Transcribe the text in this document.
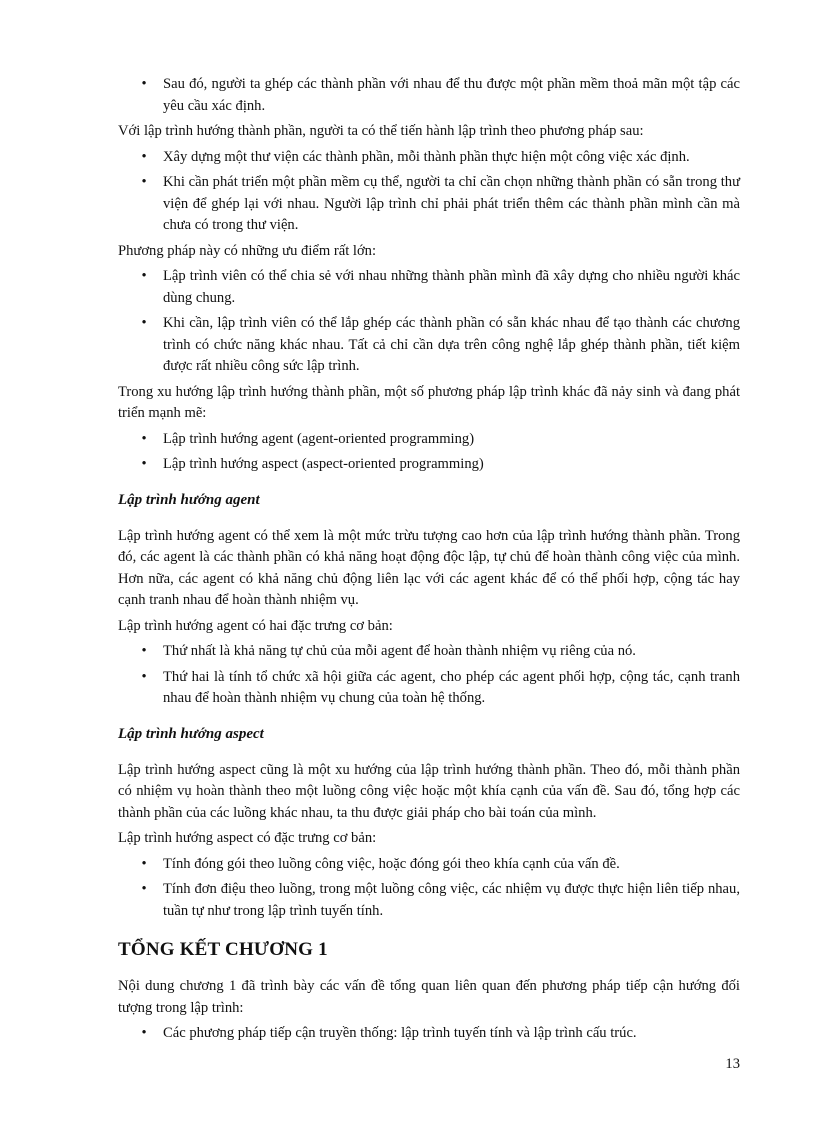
• Sau đó, người ta ghép các thành phần với nhau để thu được một phần mềm thoả mãn một tập các yêu cầu xác định.

Với lập trình hướng thành phần, người ta có thể tiến hành lập trình theo phương pháp sau:

• Xây dựng một thư viện các thành phần, mỗi thành phần thực hiện một công việc xác định.
• Khi cần phát triển một phần mềm cụ thể, người ta chỉ cần chọn những thành phần có sẵn trong thư viện để ghép lại với nhau. Người lập trình chỉ phải phát triển thêm các thành phần mình cần mà chưa có trong thư viện.

Phương pháp này có những ưu điểm rất lớn:

• Lập trình viên có thể chia sẻ với nhau những thành phần mình đã xây dựng cho nhiều người khác dùng chung.
• Khi cần, lập trình viên có thể lắp ghép các thành phần có sẵn khác nhau để tạo thành các chương trình có chức năng khác nhau. Tất cả chỉ cần dựa trên công nghệ lắp ghép thành phần, tiết kiệm được rất nhiều công sức lập trình.

Trong xu hướng lập trình hướng thành phần, một số phương pháp lập trình khác đã nảy sinh và đang phát triển mạnh mẽ:

• Lập trình hướng agent (agent-oriented programming)
• Lập trình hướng aspect (aspect-oriented programming)
Lập trình hướng agent

Lập trình hướng agent có thể xem là một mức trừu tượng cao hơn của lập trình hướng thành phần. Trong đó, các agent là các thành phần có khả năng hoạt động độc lập, tự chủ để hoàn thành công việc của mình. Hơn nữa, các agent có khả năng chủ động liên lạc với các agent khác để có thể phối hợp, cộng tác hay cạnh tranh nhau để hoàn thành nhiệm vụ.

Lập trình hướng agent có hai đặc trưng cơ bản:

• Thứ nhất là khả năng tự chủ của mỗi agent để hoàn thành nhiệm vụ riêng của nó.
• Thứ hai là tính tổ chức xã hội giữa các agent, cho phép các agent phối hợp, cộng tác, cạnh tranh nhau để hoàn thành nhiệm vụ chung của toàn hệ thống.
Lập trình hướng aspect

Lập trình hướng aspect cũng là một xu hướng của lập trình hướng thành phần. Theo đó, mỗi thành phần có nhiệm vụ hoàn thành theo một luồng công việc hoặc một khía cạnh của vấn đề. Sau đó, tổng hợp các thành phần của các luồng khác nhau, ta thu được giải pháp cho bài toán của mình.

Lập trình hướng aspect có đặc trưng cơ bản:

• Tính đóng gói theo luồng công việc, hoặc đóng gói theo khía cạnh của vấn đề.
• Tính đơn điệu theo luồng, trong một luồng công việc, các nhiệm vụ được thực hiện liên tiếp nhau, tuần tự như trong lập trình tuyến tính.
TỔNG KẾT CHƯƠNG 1

Nội dung chương 1 đã trình bày các vấn đề tổng quan liên quan đến phương pháp tiếp cận hướng đối tượng trong lập trình:

• Các phương pháp tiếp cận truyền thống: lập trình tuyến tính và lập trình cấu trúc.
13
